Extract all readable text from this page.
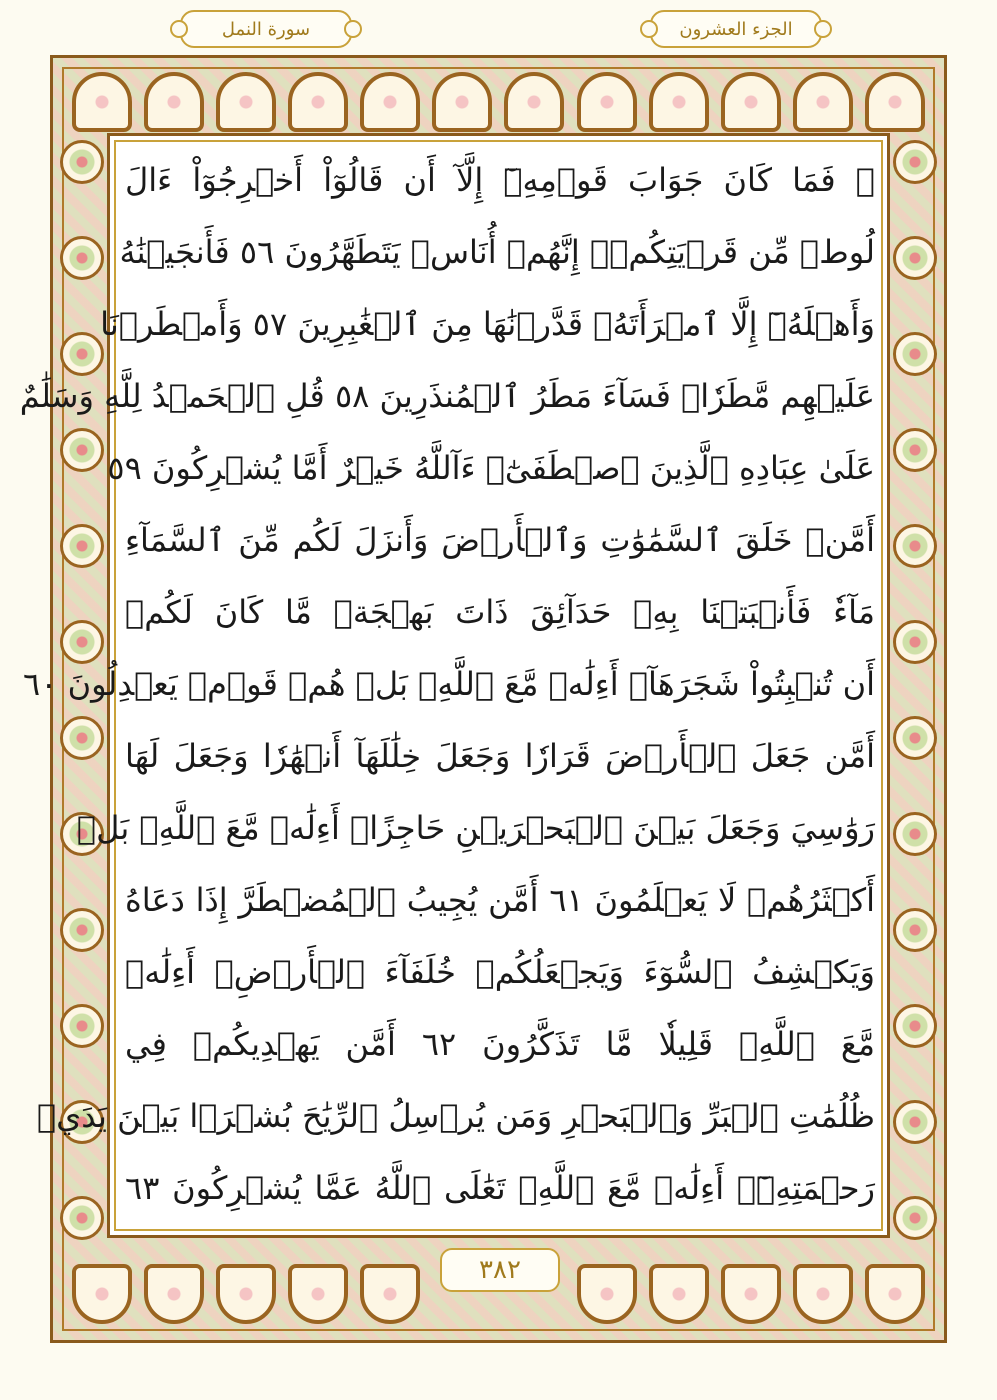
سورة النمل	الجزء العشرون
۞ فَمَا كَانَ جَوَابَ قَوۡمِهِۦٓ إِلَّآ أَن قَالُوٓاْ أَخۡرِجُوٓاْ ءَالَ
لُوطٖ مِّن قَرۡيَتِكُمۡۖ إِنَّهُمۡ أُنَاسٞ يَتَطَهَّرُونَ ٥٦ فَأَنجَيۡنَٰهُ
وَأَهۡلَهُۥٓ إِلَّا ٱمۡرَأَتَهُۥ قَدَّرۡنَٰهَا مِنَ ٱلۡغَٰبِرِينَ ٥٧ وَأَمۡطَرۡنَا
عَلَيۡهِم مَّطَرٗاۖ فَسَآءَ مَطَرُ ٱلۡمُنذَرِينَ ٥٨ قُلِ ٱلۡحَمۡدُ لِلَّهِ وَسَلَٰمٌ
عَلَىٰ عِبَادِهِ ٱلَّذِينَ ٱصۡطَفَىٰٓۗ ءَآللَّهُ خَيۡرٌ أَمَّا يُشۡرِكُونَ ٥٩
أَمَّنۡ خَلَقَ ٱلسَّمَٰوَٰتِ وَٱلۡأَرۡضَ وَأَنزَلَ لَكُم مِّنَ ٱلسَّمَآءِ
مَآءٗ فَأَنۢبَتۡنَا بِهِۦ حَدَآئِقَ ذَاتَ بَهۡجَةٖ مَّا كَانَ لَكُمۡ
أَن تُنۢبِتُواْ شَجَرَهَآۗ أَءِلَٰهٞ مَّعَ ٱللَّهِۚ بَلۡ هُمۡ قَوۡمٞ يَعۡدِلُونَ ٦٠
أَمَّن جَعَلَ ٱلۡأَرۡضَ قَرَارٗا وَجَعَلَ خِلَٰلَهَآ أَنۡهَٰرٗا وَجَعَلَ لَهَا
رَوَٰسِيَ وَجَعَلَ بَيۡنَ ٱلۡبَحۡرَيۡنِ حَاجِزًاۗ أَءِلَٰهٞ مَّعَ ٱللَّهِۚ بَلۡ
أَكۡثَرُهُمۡ لَا يَعۡلَمُونَ ٦١ أَمَّن يُجِيبُ ٱلۡمُضۡطَرَّ إِذَا دَعَاهُ
وَيَكۡشِفُ ٱلسُّوٓءَ وَيَجۡعَلُكُمۡ خُلَفَآءَ ٱلۡأَرۡضِۗ أَءِلَٰهٞ
مَّعَ ٱللَّهِۚ قَلِيلٗا مَّا تَذَكَّرُونَ ٦٢ أَمَّن يَهۡدِيكُمۡ فِي
ظُلُمَٰتِ ٱلۡبَرِّ وَٱلۡبَحۡرِ وَمَن يُرۡسِلُ ٱلرِّيَٰحَ بُشۡرَۢا بَيۡنَ يَدَيۡ
رَحۡمَتِهِۦٓۗ أَءِلَٰهٞ مَّعَ ٱللَّهِۚ تَعَٰلَى ٱللَّهُ عَمَّا يُشۡرِكُونَ ٦٣
٣٨٢
